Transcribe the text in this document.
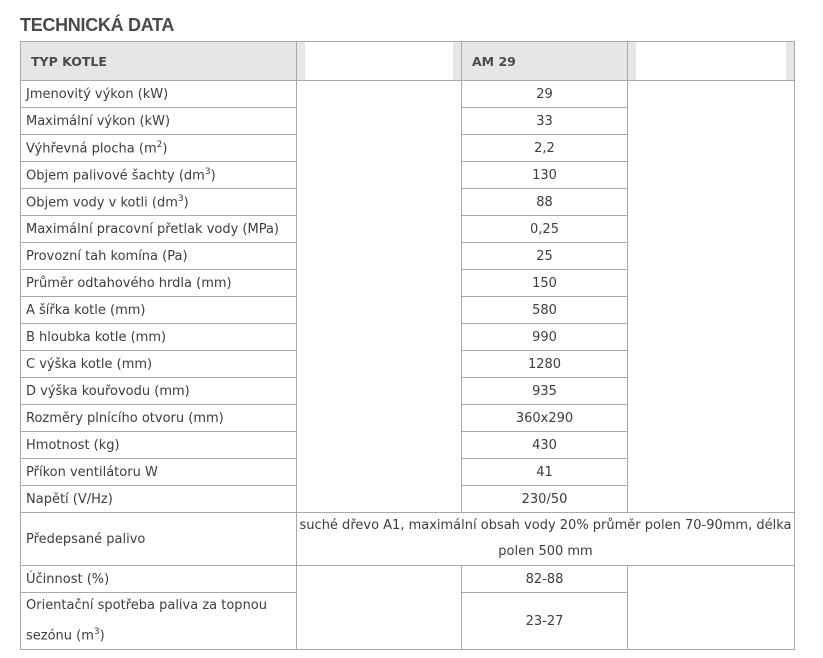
TECHNICKÁ DATA
TYP KOTLE		AM 29	

Jmenovitý výkon (kW)		29	
Maximální výkon (kW)		33	
Výhřevná plocha $(m^2)$		2,2	
Objem palivové šachty $(dm^3)$		130	
Objem vody v kotli $(dm^3)$		88	
Maximální pracovní přetlak vody (MPa)		0,25	
Provozní tah komína (Pa)		25	
Průměr odtahového hrdla (mm)		150	
A šířka kotle (mm)		580	
B hloubka kotle (mm)		990	
C výška kotle (mm)		1280	
D výška kouřovodu (mm)		935	
Rozměry plnícího otvoru (mm)		360x290	
Hmotnost (kg)		430	
Příkon ventilátoru W		41	
Napětí (V/Hz)		230/50	
Předepsané palivo	suché dřevo A1, maximální obsah vody 20% průměr polen 70-90mm, délka polen 500 mm		
Účinnost (%)		82-88	
Orientační spotřeba paliva za topnou
sezónu $(m^3)$		23-27	
